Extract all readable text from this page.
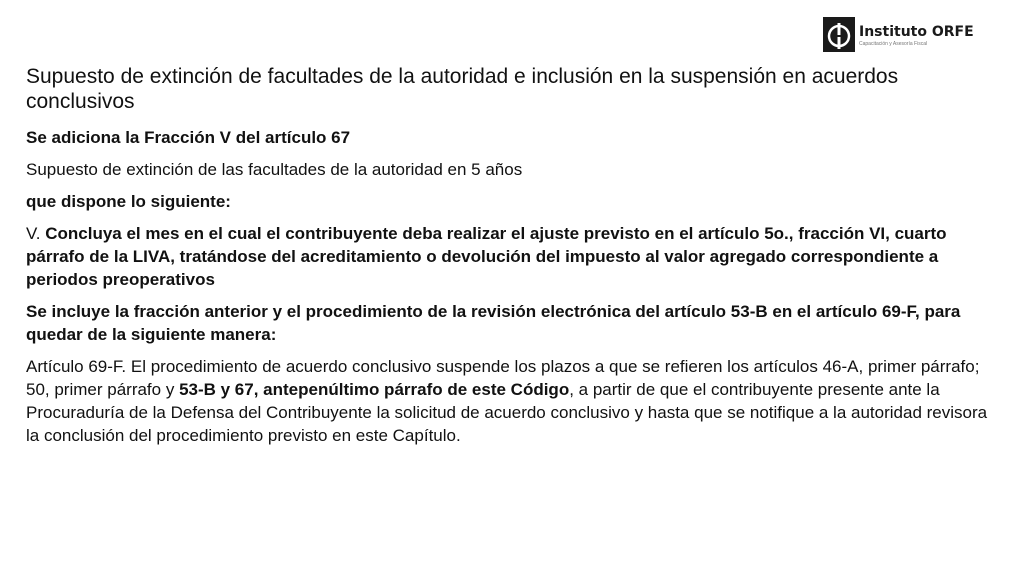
Instituto ORFE
Capacitación y Asesoría Fiscal
Supuesto de extinción de facultades de la autoridad e inclusión en la suspensión en acuerdos conclusivos

Se adiciona la Fracción V del artículo 67

Supuesto de extinción de las facultades de la autoridad en 5 años

que dispone lo siguiente:

V. Concluya el mes en el cual el contribuyente deba realizar el ajuste previsto en el artículo 5o., fracción VI, cuarto párrafo de la LIVA, tratándose del acreditamiento o devolución del impuesto al valor agregado correspondiente a periodos preoperativos

Se incluye la fracción anterior y el procedimiento de la revisión electrónica del artículo 53-B en el artículo 69-F, para quedar de la siguiente manera:

Artículo 69-F. El procedimiento de acuerdo conclusivo suspende los plazos a que se refieren los artículos 46-A, primer párrafo; 50, primer párrafo y 53-B y 67, antepenúltimo párrafo de este Código, a partir de que el contribuyente presente ante la Procuraduría de la Defensa del Contribuyente la solicitud de acuerdo conclusivo y hasta que se notifique a la autoridad revisora la conclusión del procedimiento previsto en este Capítulo.
